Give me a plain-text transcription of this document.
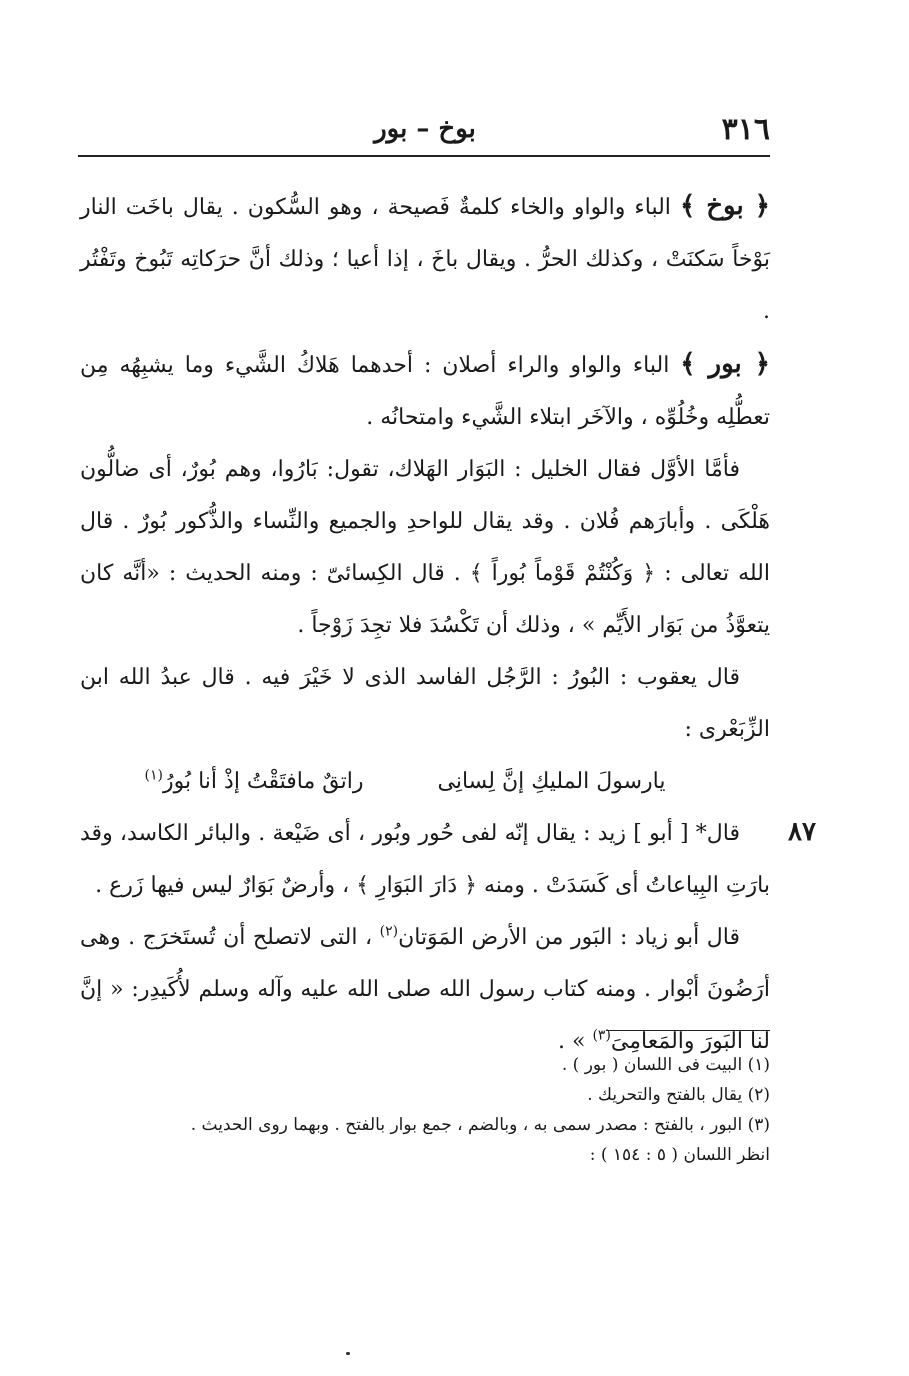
٣١٦
بوخ – بور

﴿ بوخ ﴾ الباء والواو والخاء كلمةٌ فَصيحة ، وهو السُّكون . يقال باخَت النار بَوْخاً سَكنَتْ ، وكذلك الحرُّ . ويقال باخَ ، إذا أعيا ؛ وذلك أنَّ حرَكاتِه تَبُوخ وتَفْتُر .

﴿ بور ﴾ الباء والواو والراء أصلان : أحدهما هَلاكُ الشَّيء وما يشبِهُه مِن تعطُّلِه وخُلُوِّه ، والآخَر ابتلاء الشَّيء وامتحانُه .

فأمَّا الأوَّل فقال الخليل : البَوَار الهَلاك، تقول: بَارُوا، وهم بُورٌ، أى ضالُّون هَلْكَى . وأبارَهم فُلان . وقد يقال للواحدِ والجميع والنِّساء والذُّكور بُورٌ . قال الله تعالى : ﴿ وَكُنْتُمْ قَوْماً بُوراً ﴾ . قال الكِسائىّ : ومنه الحديث : «أنَّه كان يتعوَّذُ من بَوَار الأَيِّم » ، وذلك أن تَكْسُدَ فلا تجِدَ زَوْجاً .

قال يعقوب : البُورُ : الرَّجُل الفاسد الذى لا خَيْرَ فيه . قال عبدُ الله ابن الزِّبَعْرى :

يارسولَ المليكِ إنَّ لِسانِى  راتقٌ مافتَقْتُ إذْ أنا بُورُ$^{(١)}$

قال* [ أبو ] زيد : يقال إنّه لفى حُور وبُور ، أى ضَيْعة . والبائر الكاسد، وقد بارَتِ البِياعاتُ أى كَسَدَتْ . ومنه ﴿ دَارَ البَوَارِ ﴾ ، وأرضٌ بَوَارٌ ليس فيها زَرع .

قال أبو زياد : البَور من الأرض المَوَتان$^{(٢)}$ ، التى لاتصلح أن تُستَخرَج . وهى أرَضُونَ أبْوار . ومنه كتاب رسول الله صلى الله عليه وآله وسلم لأُكَيدِر: « إنَّ لنا البَورَ والمَعامِىَ$^{(٣)}$ » .

٨٧

(١) البيت فى اللسان ( بور ) .

(٢) يقال بالفتح والتحريك .

(٣) البور ، بالفتح : مصدر سمى به ، وبالضم ، جمع بوار بالفتح . وبهما روى الحديث .

انظر اللسان ( ٥ : ١٥٤ ) :
